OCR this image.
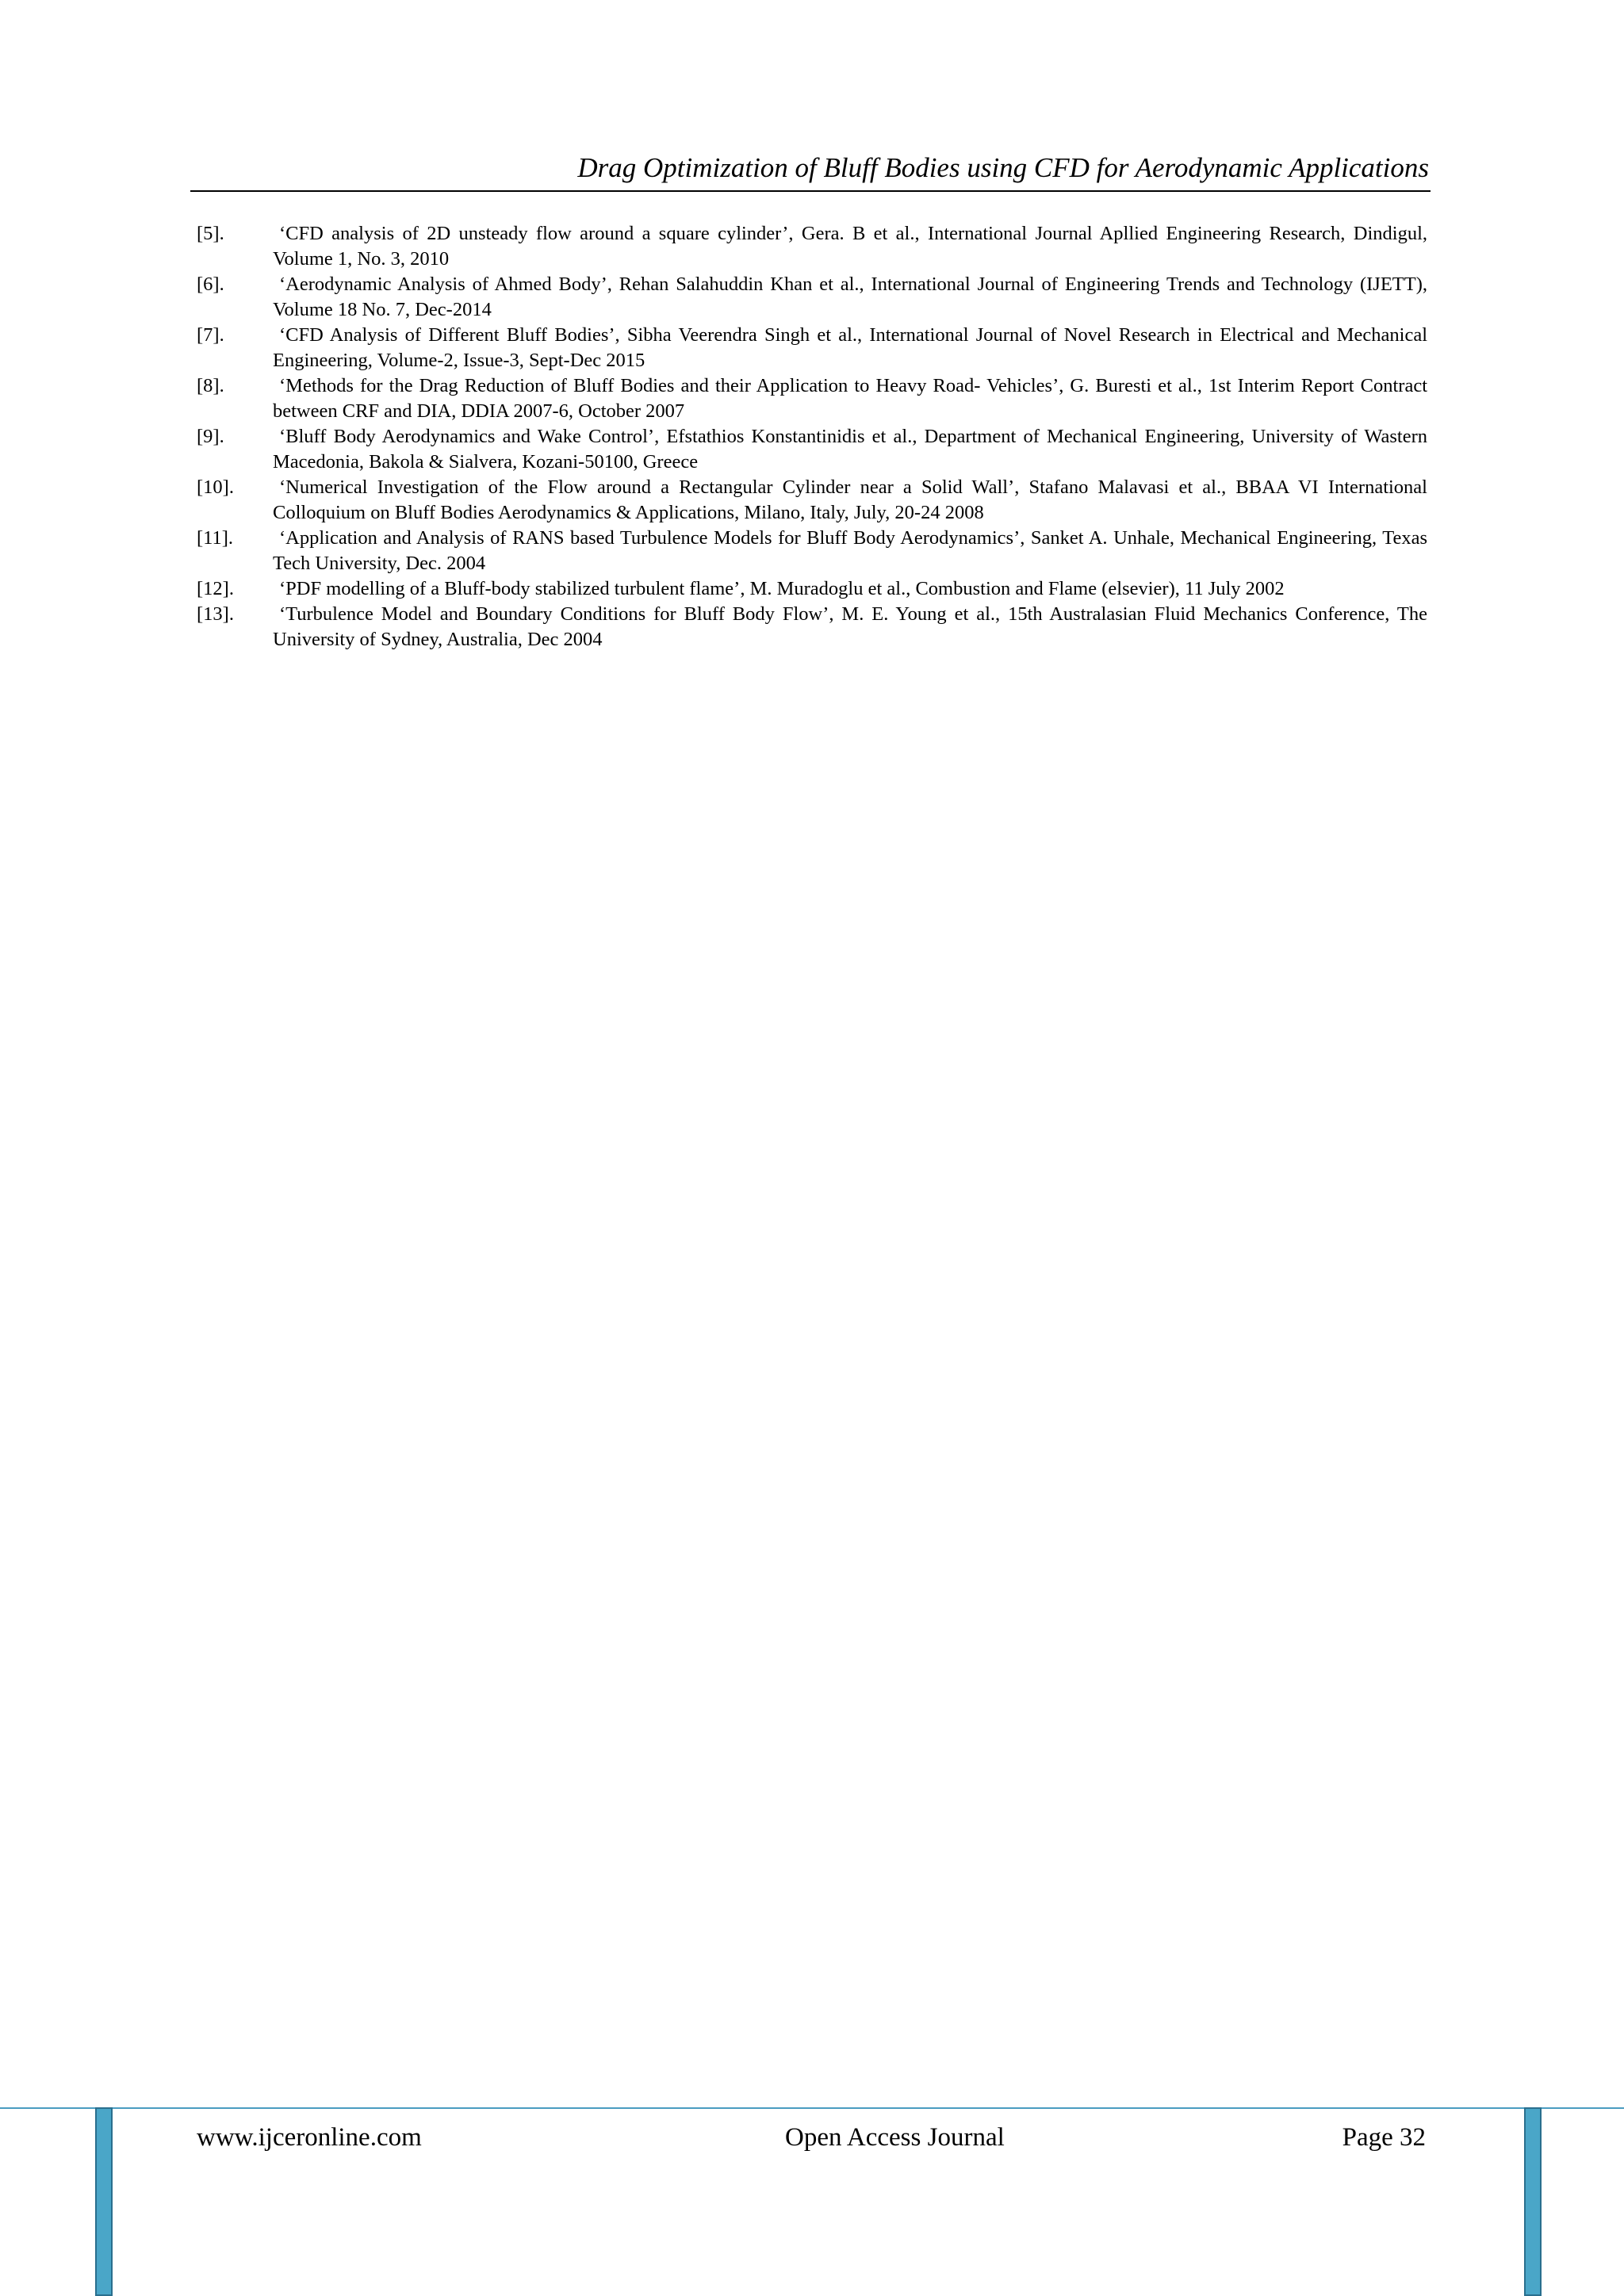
Drag Optimization of Bluff Bodies using CFD for Aerodynamic Applications
[5].	‘CFD analysis of 2D unsteady flow around a square cylinder’, Gera. B et al., International Journal Apllied Engineering Research, Dindigul, Volume 1, No. 3, 2010
[6].	‘Aerodynamic Analysis of Ahmed Body’, Rehan Salahuddin Khan et al., International Journal of Engineering Trends and Technology (IJETT), Volume 18 No. 7, Dec-2014
[7].	‘CFD Analysis of Different Bluff Bodies’, Sibha Veerendra Singh et al., International Journal of Novel Research in Electrical and Mechanical Engineering, Volume-2, Issue-3, Sept-Dec 2015
[8].	‘Methods for the Drag Reduction of Bluff Bodies and their Application to Heavy Road- Vehicles’, G. Buresti et al., 1st Interim Report Contract between CRF and DIA, DDIA 2007-6, October 2007
[9].	‘Bluff Body Aerodynamics and Wake Control’, Efstathios Konstantinidis et al., Department of Mechanical Engineering, University of Wastern Macedonia, Bakola & Sialvera, Kozani-50100, Greece
[10].	‘Numerical Investigation of the Flow around a Rectangular Cylinder near a Solid Wall’, Stafano Malavasi et al., BBAA VI International Colloquium on Bluff Bodies Aerodynamics & Applications, Milano, Italy, July, 20-24 2008
[11].	‘Application and Analysis of RANS based Turbulence Models for Bluff Body Aerodynamics’, Sanket A. Unhale, Mechanical Engineering, Texas Tech University, Dec. 2004
[12].	‘PDF modelling of a Bluff-body stabilized turbulent flame’, M. Muradoglu et al., Combustion and Flame (elsevier), 11 July 2002
[13].	‘Turbulence Model and Boundary Conditions for Bluff Body Flow’, M. E. Young et al., 15th Australasian Fluid Mechanics Conference, The University of Sydney, Australia, Dec 2004
www.ijceronline.com	Open Access Journal	Page 32
